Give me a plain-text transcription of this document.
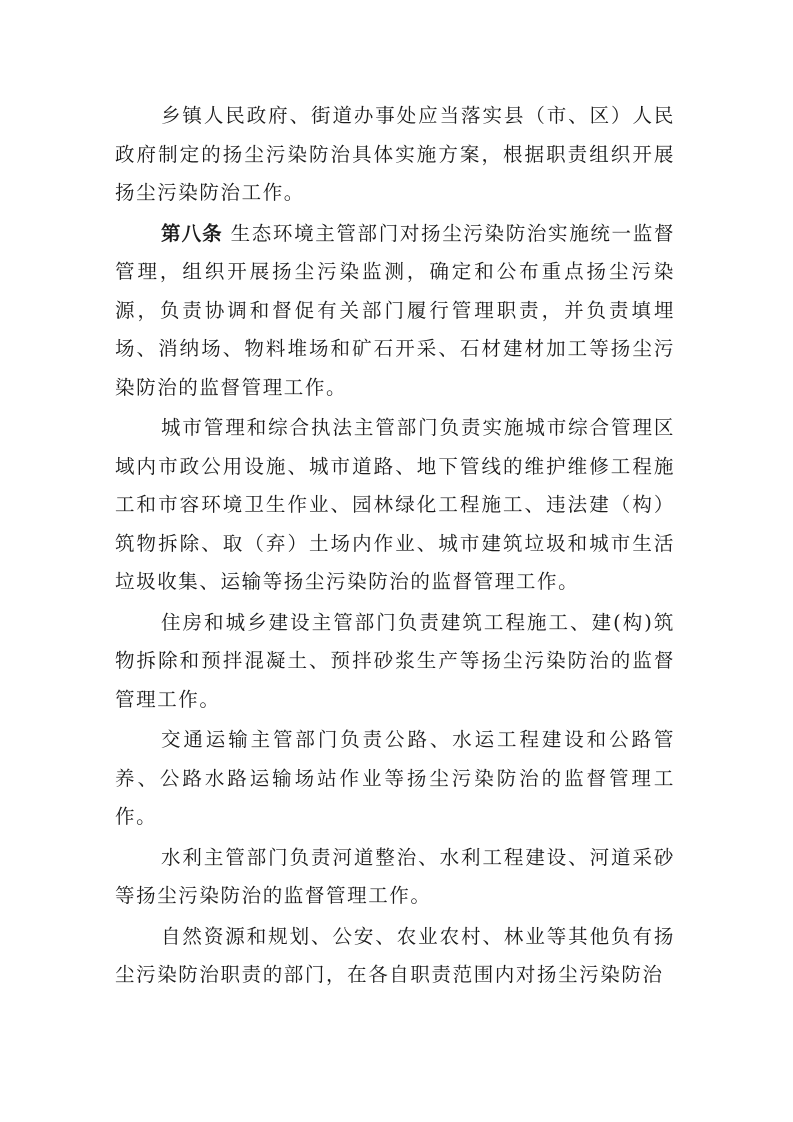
乡镇人民政府、街道办事处应当落实县（市、区）人民政府制定的扬尘污染防治具体实施方案，根据职责组织开展扬尘污染防治工作。

第八条 生态环境主管部门对扬尘污染防治实施统一监督管理，组织开展扬尘污染监测，确定和公布重点扬尘污染源，负责协调和督促有关部门履行管理职责，并负责填埋场、消纳场、物料堆场和矿石开采、石材建材加工等扬尘污染防治的监督管理工作。

城市管理和综合执法主管部门负责实施城市综合管理区域内市政公用设施、城市道路、地下管线的维护维修工程施工和市容环境卫生作业、园林绿化工程施工、违法建（构）筑物拆除、取（弃）土场内作业、城市建筑垃圾和城市生活垃圾收集、运输等扬尘污染防治的监督管理工作。

住房和城乡建设主管部门负责建筑工程施工、建(构)筑物拆除和预拌混凝土、预拌砂浆生产等扬尘污染防治的监督管理工作。

交通运输主管部门负责公路、水运工程建设和公路管养、公路水路运输场站作业等扬尘污染防治的监督管理工作。

水利主管部门负责河道整治、水利工程建设、河道采砂等扬尘污染防治的监督管理工作。

自然资源和规划、公安、农业农村、林业等其他负有扬尘污染防治职责的部门，在各自职责范围内对扬尘污染防治
